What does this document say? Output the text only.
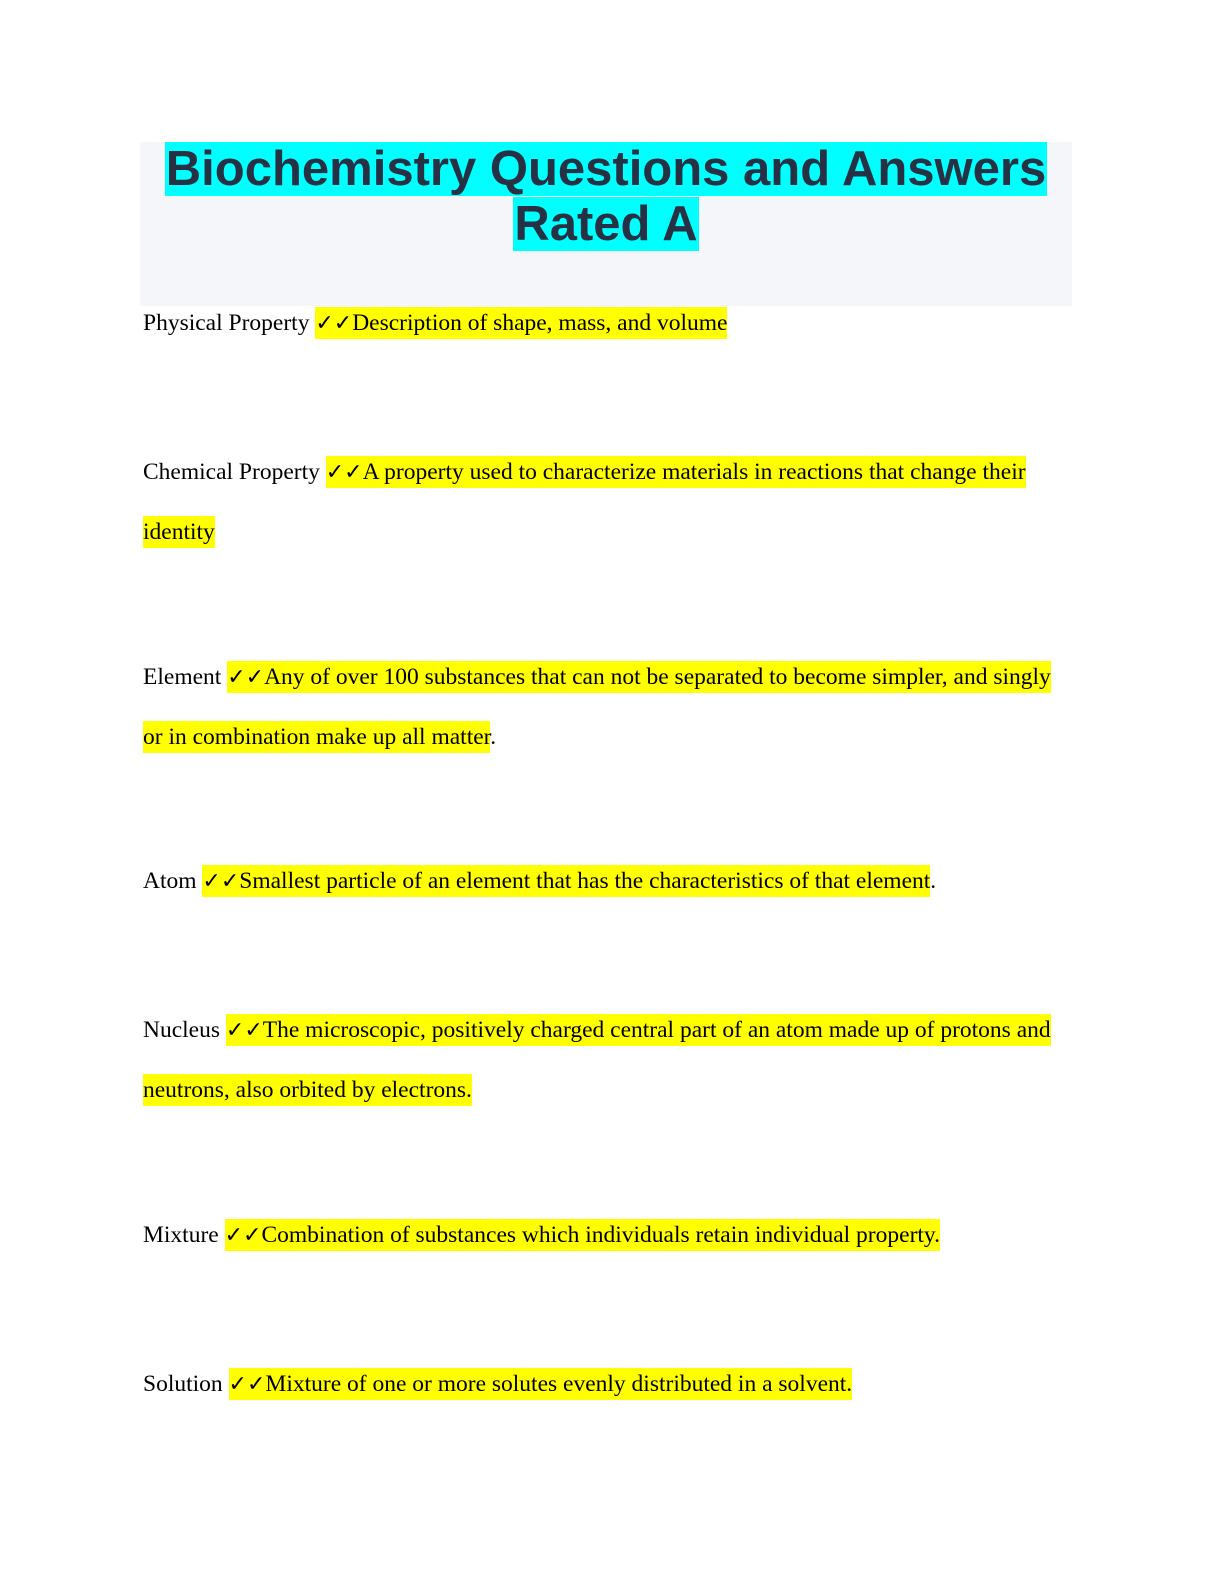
Biochemistry Questions and Answers
Rated A
Physical Property ✓✓Description of shape, mass, and volume
Chemical Property ✓✓A property used to characterize materials in reactions that change their
identity
Element ✓✓Any of over 100 substances that can not be separated to become simpler, and singly
or in combination make up all matter.
Atom ✓✓Smallest particle of an element that has the characteristics of that element.
Nucleus ✓✓The microscopic, positively charged central part of an atom made up of protons and
neutrons, also orbited by electrons.
Mixture ✓✓Combination of substances which individuals retain individual property.
Solution ✓✓Mixture of one or more solutes evenly distributed in a solvent.
